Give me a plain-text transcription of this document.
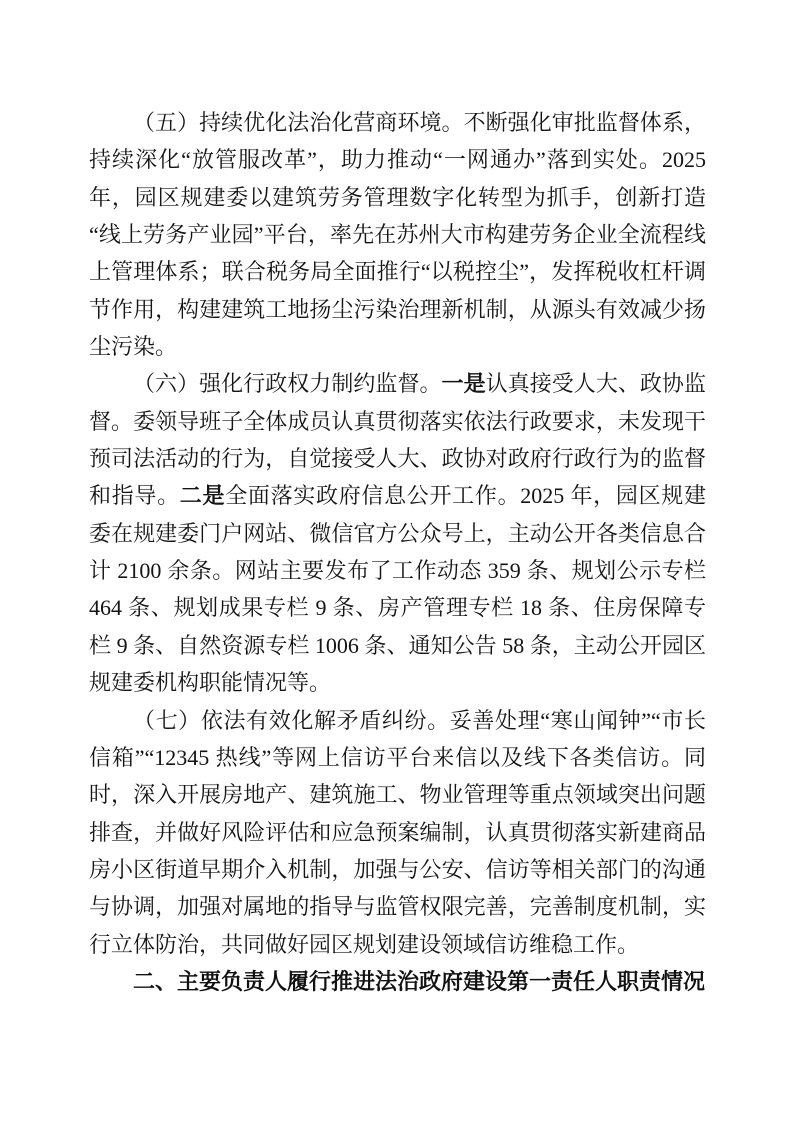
（五）持续优化法治化营商环境。不断强化审批监督体系，持续深化“放管服改革”，助力推动“一网通办”落到实处。2025 年，园区规建委以建筑劳务管理数字化转型为抓手，创新打造“线上劳务产业园”平台，率先在苏州大市构建劳务企业全流程线上管理体系；联合税务局全面推行“以税控尘”，发挥税收杠杆调节作用，构建建筑工地扬尘污染治理新机制，从源头有效减少扬尘污染。

（六）强化行政权力制约监督。一是认真接受人大、政协监督。委领导班子全体成员认真贯彻落实依法行政要求，未发现干预司法活动的行为，自觉接受人大、政协对政府行政行为的监督和指导。二是全面落实政府信息公开工作。2025 年，园区规建委在规建委门户网站、微信官方公众号上，主动公开各类信息合计 2100 余条。网站主要发布了工作动态 359 条、规划公示专栏 464 条、规划成果专栏 9 条、房产管理专栏 18 条、住房保障专栏 9 条、自然资源专栏 1006 条、通知公告 58 条，主动公开园区规建委机构职能情况等。

（七）依法有效化解矛盾纠纷。妥善处理“寒山闻钟”“市长信箱”“12345 热线”等网上信访平台来信以及线下各类信访。同时，深入开展房地产、建筑施工、物业管理等重点领域突出问题排查，并做好风险评估和应急预案编制，认真贯彻落实新建商品房小区街道早期介入机制，加强与公安、信访等相关部门的沟通与协调，加强对属地的指导与监管权限完善，完善制度机制，实行立体防治，共同做好园区规划建设领域信访维稳工作。

二、主要负责人履行推进法治政府建设第一责任人职责情况
